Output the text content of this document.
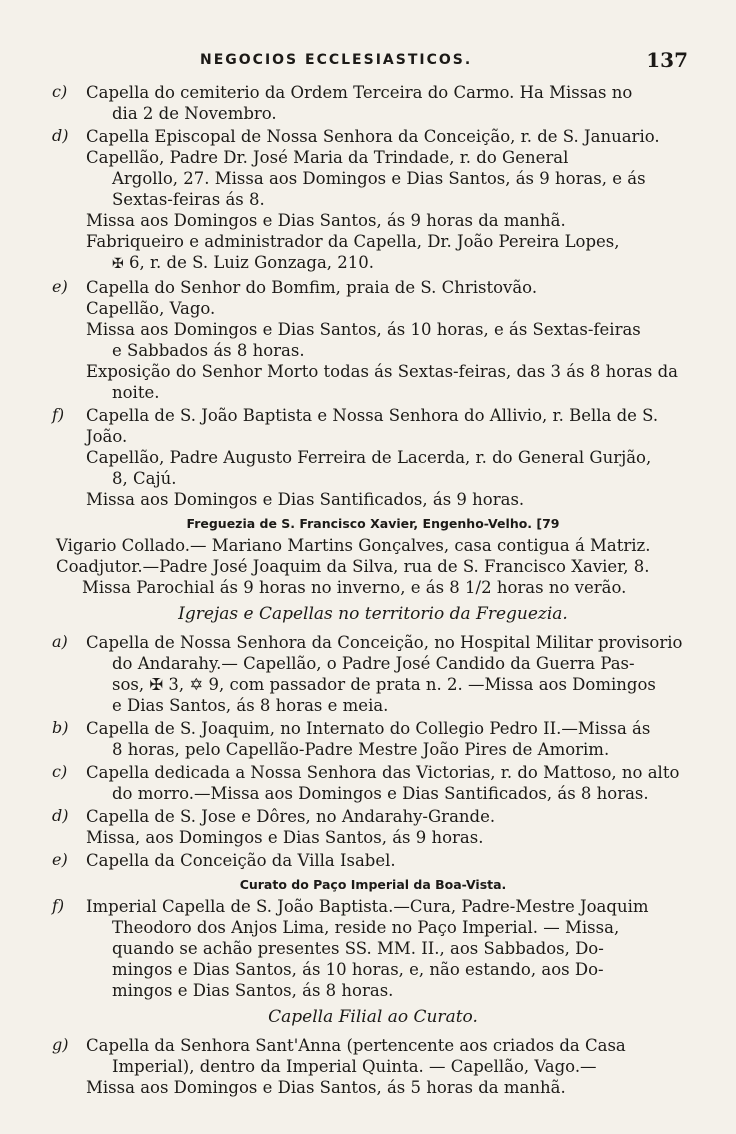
NEGOCIOS ECCLESIASTICOS.	137
c) Capella do cemiterio da Ordem Terceira do Carmo. Ha Missas no

dia 2 de Novembro.

d) Capella Episcopal de Nossa Senhora da Conceição, r. de S. Januario.

Capellão, Padre Dr. José Maria da Trindade, r. do General

Argollo, 27. Missa aos Domingos e Dias Santos, ás 9 horas, e ás

Sextas-feiras ás 8.

Missa aos Domingos e Dias Santos, ás 9 horas da manhã.

Fabriqueiro e administrador da Capella, Dr. João Pereira Lopes,

✠ 6, r. de S. Luiz Gonzaga, 210.

e) Capella do Senhor do Bomfim, praia de S. Christovão.

Capellão, Vago.

Missa aos Domingos e Dias Santos, ás 10 horas, e ás Sextas-feiras

e Sabbados ás 8 horas.

Exposição do Senhor Morto todas ás Sextas-feiras, das 3 ás 8 horas da

noite.

f) Capella de S. João Baptista e Nossa Senhora do Allivio, r. Bella de S. João.

Capellão, Padre Augusto Ferreira de Lacerda, r. do General Gurjão,

8, Cajú.

Missa aos Domingos e Dias Santificados, ás 9 horas.

Freguezia de S. Francisco Xavier, Engenho-Velho. [79

Vigario Collado.— Mariano Martins Gonçalves, casa contigua á Matriz.

Coadjutor.—Padre José Joaquim da Silva, rua de S. Francisco Xavier, 8.

Missa Parochial ás 9 horas no inverno, e ás 8 1/2 horas no verão.

Igrejas e Capellas no territorio da Freguezia.
a) Capella de Nossa Senhora da Conceição, no Hospital Militar provisorio

do Andarahy.— Capellão, o Padre José Candido da Guerra Pas-

sos, ✠ 3, ✡ 9, com passador de prata n. 2. —Missa aos Domingos

e Dias Santos, ás 8 horas e meia.

b) Capella de S. Joaquim, no Internato do Collegio Pedro II.—Missa ás

8 horas, pelo Capellão-Padre Mestre João Pires de Amorim.

c) Capella dedicada a Nossa Senhora das Victorias, r. do Mattoso, no alto

do morro.—Missa aos Domingos e Dias Santificados, ás 8 horas.

d) Capella de S. Jose e Dôres, no Andarahy-Grande.

Missa, aos Domingos e Dias Santos, ás 9 horas.

e) Capella da Conceição da Villa Isabel.

Curato do Paço Imperial da Boa-Vista.
f) Imperial Capella de S. João Baptista.—Cura, Padre-Mestre Joaquim

Theodoro dos Anjos Lima, reside no Paço Imperial. — Missa,

quando se achão presentes SS. MM. II., aos Sabbados, Do-

mingos e Dias Santos, ás 10 horas, e, não estando, aos Do-

mingos e Dias Santos, ás 8 horas.

Capella Filial ao Curato.
g) Capella da Senhora Sant'Anna (pertencente aos criados da Casa

Imperial), dentro da Imperial Quinta. — Capellão, Vago.—

Missa aos Domingos e Dias Santos, ás 5 horas da manhã.
